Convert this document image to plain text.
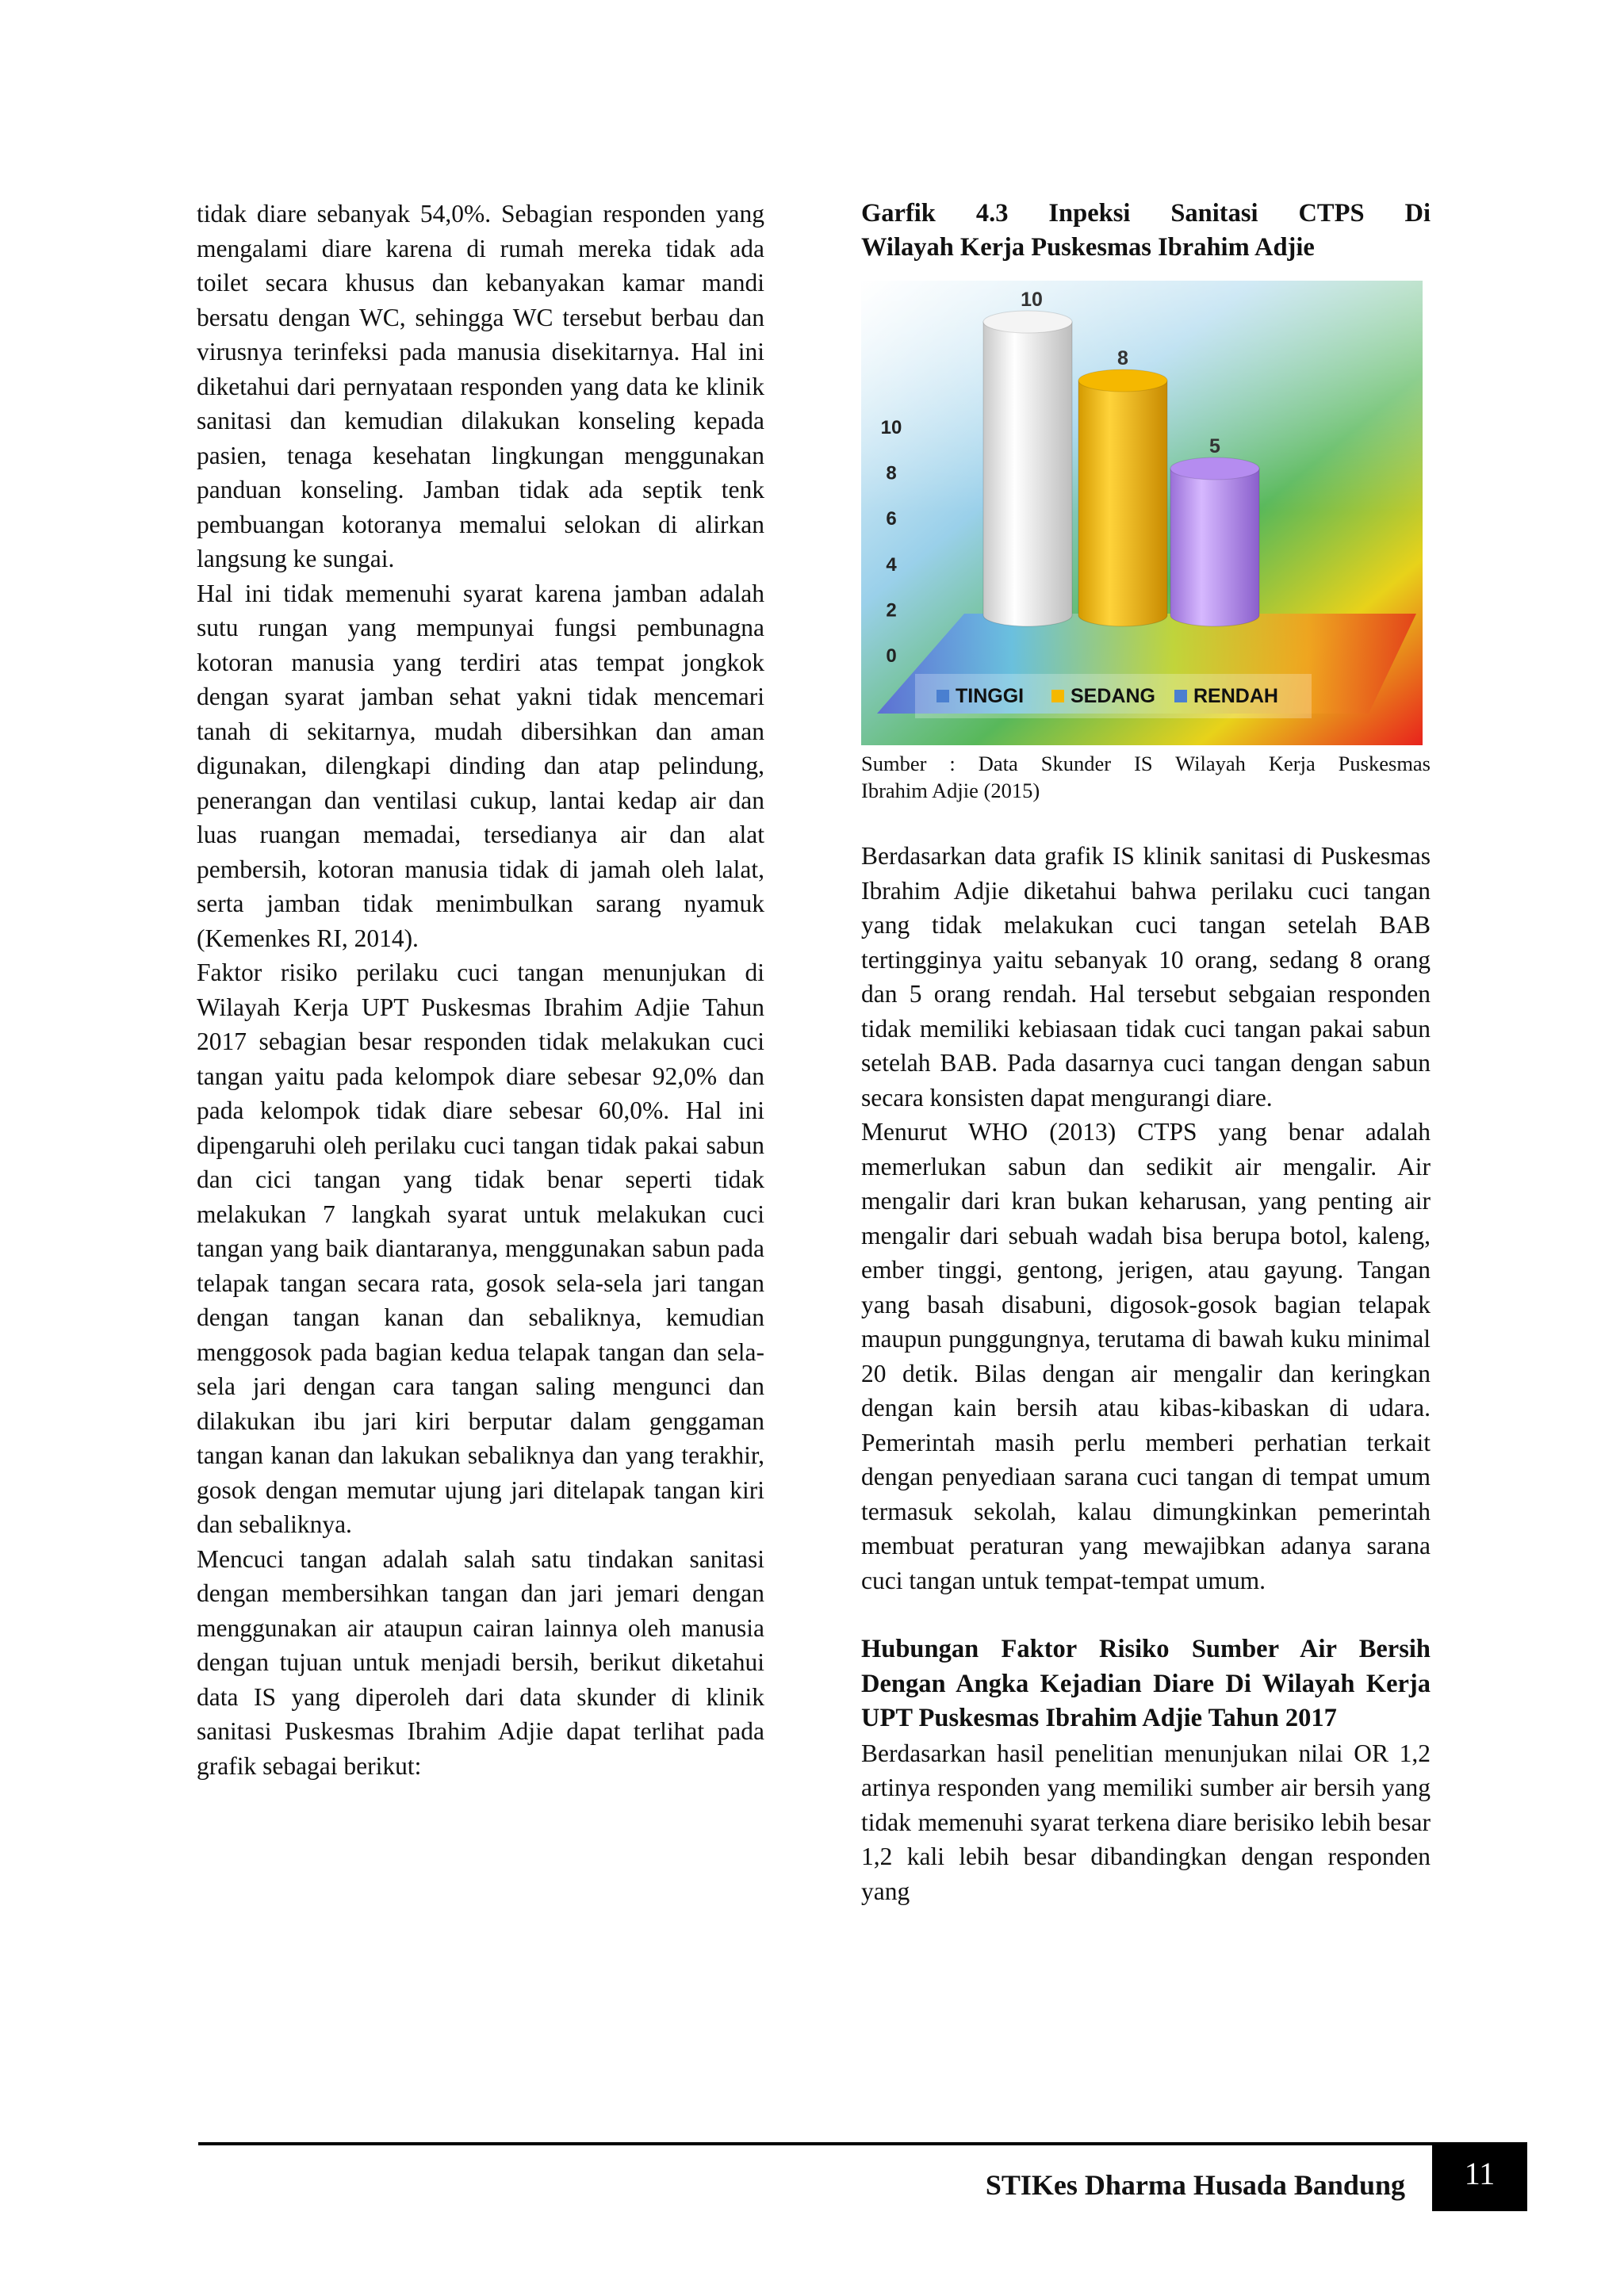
tidak diare sebanyak 54,0%. Sebagian responden yang mengalami diare karena di rumah mereka tidak ada toilet secara khusus dan kebanyakan kamar mandi bersatu dengan WC, sehingga WC tersebut berbau dan virusnya terinfeksi pada manusia disekitarnya. Hal ini diketahui dari pernyataan responden yang data ke klinik sanitasi dan kemudian dilakukan konseling kepada pasien, tenaga kesehatan lingkungan menggunakan panduan konseling. Jamban tidak ada septik tenk pembuangan kotoranya memalui selokan di alirkan langsung ke sungai.

Hal ini tidak memenuhi syarat karena jamban adalah sutu rungan yang mempunyai fungsi pembunagna kotoran manusia yang terdiri atas tempat jongkok dengan syarat jamban sehat yakni tidak mencemari tanah di sekitarnya, mudah dibersihkan dan aman digunakan, dilengkapi dinding dan atap pelindung, penerangan dan ventilasi cukup, lantai kedap air dan luas ruangan memadai, tersedianya air dan alat pembersih, kotoran manusia tidak di jamah oleh lalat, serta jamban tidak menimbulkan sarang nyamuk (Kemenkes RI, 2014).

Faktor risiko perilaku cuci tangan menunjukan di Wilayah Kerja UPT Puskesmas Ibrahim Adjie Tahun 2017 sebagian besar responden tidak melakukan cuci tangan yaitu pada kelompok diare sebesar 92,0% dan pada kelompok tidak diare sebesar 60,0%. Hal ini dipengaruhi oleh perilaku cuci tangan tidak pakai sabun dan cici tangan yang tidak benar seperti tidak melakukan 7 langkah syarat untuk melakukan cuci tangan yang baik diantaranya, menggunakan sabun pada telapak tangan secara rata, gosok sela-sela jari tangan dengan tangan kanan dan sebaliknya, kemudian menggosok pada bagian kedua telapak tangan dan sela-sela jari dengan cara tangan saling mengunci dan dilakukan ibu jari kiri berputar dalam genggaman tangan kanan dan lakukan sebaliknya dan yang terakhir, gosok dengan memutar ujung jari ditelapak tangan kiri dan sebaliknya.

Mencuci tangan adalah salah satu tindakan sanitasi dengan membersihkan tangan dan jari jemari dengan menggunakan air ataupun cairan lainnya oleh manusia dengan tujuan untuk menjadi bersih, berikut diketahui data IS yang diperoleh dari data skunder di klinik sanitasi Puskesmas Ibrahim Adjie dapat terlihat pada grafik sebagai berikut:

Garfik 4.3 Inpeksi Sanitasi CTPS Di
Wilayah Kerja Puskesmas Ibrahim Adjie
0
2
4
6
8
10
10
8
5
TINGGI SEDANG RENDAH
Sumber : Data Skunder IS Wilayah Kerja Puskesmas
Ibrahim Adjie (2015)

Berdasarkan data grafik IS klinik sanitasi di Puskesmas Ibrahim Adjie diketahui bahwa perilaku cuci tangan yang tidak melakukan cuci tangan setelah BAB tertingginya yaitu sebanyak 10 orang, sedang 8 orang dan 5 orang rendah. Hal tersebut sebgaian responden tidak memiliki kebiasaan tidak cuci tangan pakai sabun setelah BAB. Pada dasarnya cuci tangan dengan sabun secara konsisten dapat mengurangi diare.

Menurut WHO (2013) CTPS yang benar adalah memerlukan sabun dan sedikit air mengalir. Air mengalir dari kran bukan keharusan, yang penting air mengalir dari sebuah wadah bisa berupa botol, kaleng, ember tinggi, gentong, jerigen, atau gayung. Tangan yang basah disabuni, digosok-gosok bagian telapak maupun punggungnya, terutama di bawah kuku minimal 20 detik. Bilas dengan air mengalir dan keringkan dengan kain bersih atau kibas-kibaskan di udara. Pemerintah masih perlu memberi perhatian terkait dengan penyediaan sarana cuci tangan di tempat umum termasuk sekolah, kalau dimungkinkan pemerintah membuat peraturan yang mewajibkan adanya sarana cuci tangan untuk tempat-tempat umum.

Hubungan Faktor Risiko Sumber Air Bersih Dengan Angka Kejadian Diare Di Wilayah Kerja UPT Puskesmas Ibrahim Adjie Tahun 2017

Berdasarkan hasil penelitian menunjukan nilai OR 1,2 artinya responden yang memiliki sumber air bersih yang tidak memenuhi syarat terkena diare berisiko lebih besar 1,2 kali lebih besar dibandingkan dengan responden yang

STIKes Dharma Husada Bandung	11
